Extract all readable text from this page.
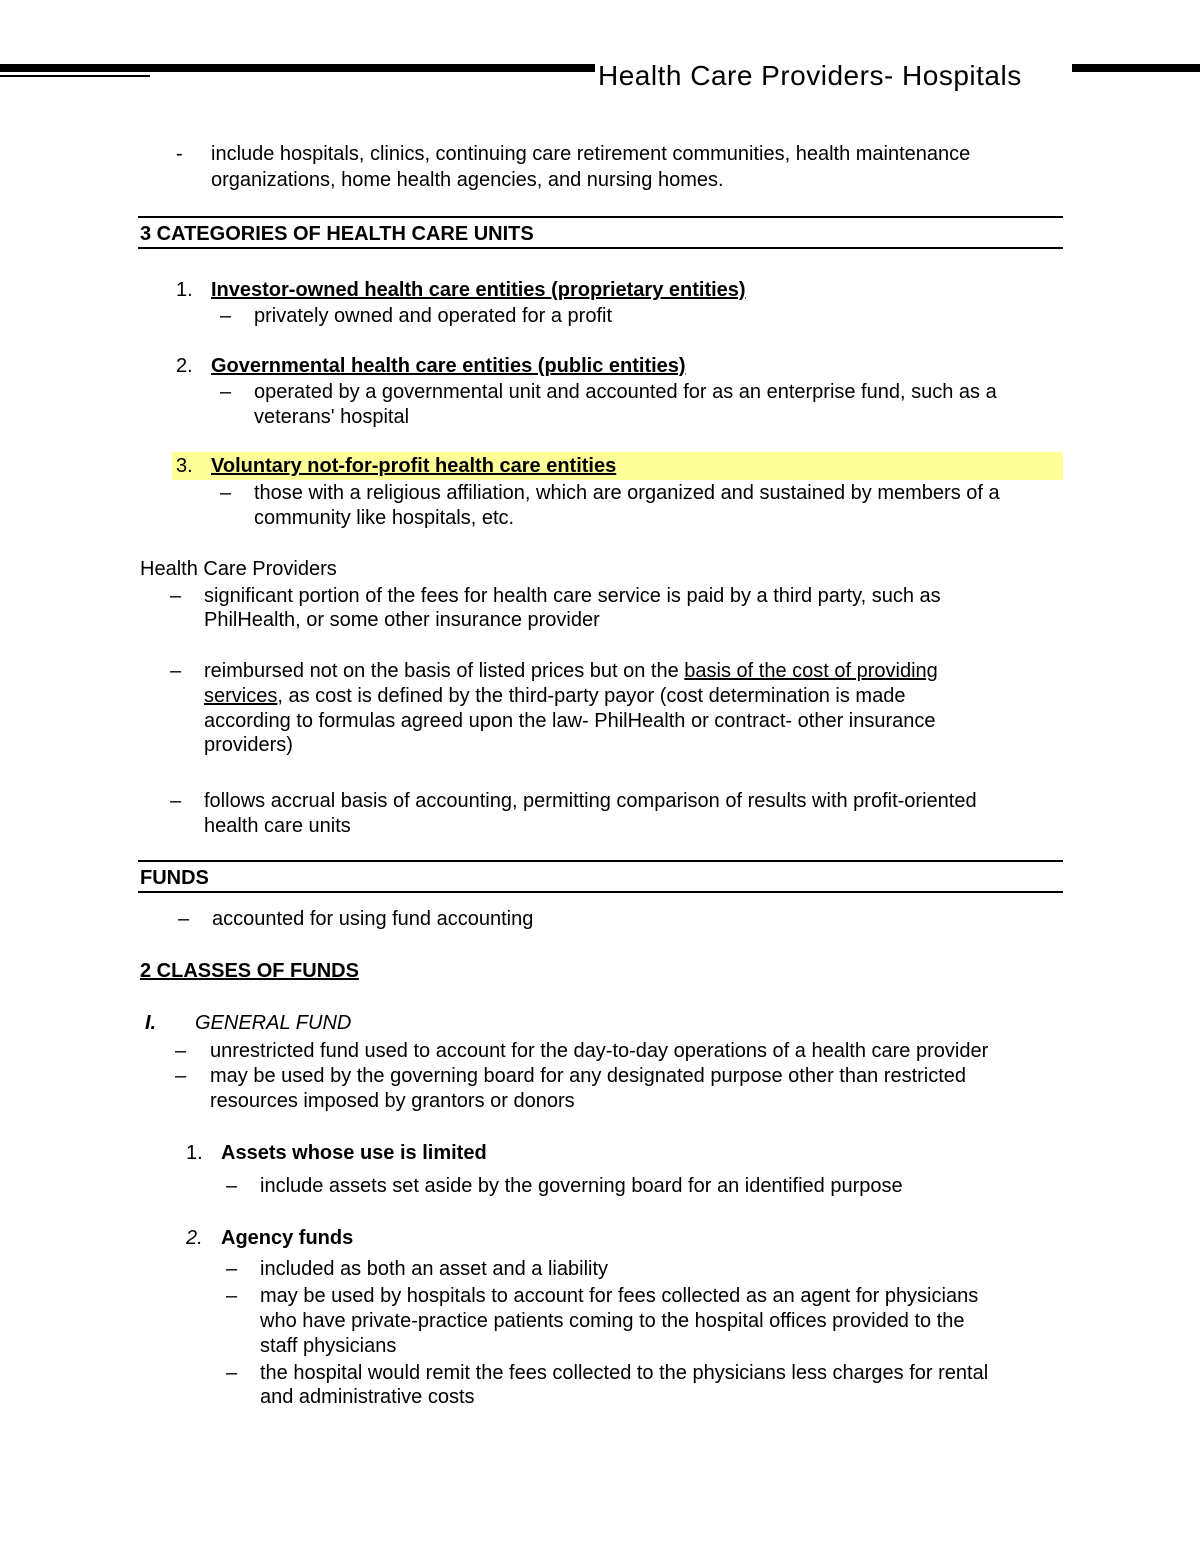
Health Care Providers- Hospitals
- include hospitals, clinics, continuing care retirement communities, health maintenance
organizations, home health agencies, and nursing homes.
3 CATEGORIES OF HEALTH CARE UNITS
1. Investor-owned health care entities (proprietary entities)
– privately owned and operated for a profit
2. Governmental health care entities (public entities)
– operated by a governmental unit and accounted for as an enterprise fund, such as a
veterans' hospital
3. Voluntary not-for-profit health care entities
– those with a religious affiliation, which are organized and sustained by members of a
community like hospitals, etc.
Health Care Providers
– significant portion of the fees for health care service is paid by a third party, such as
PhilHealth, or some other insurance provider
– reimbursed not on the basis of listed prices but on the basis of the cost of providing
services, as cost is defined by the third-party payor (cost determination is made
according to formulas agreed upon the law- PhilHealth or contract- other insurance
providers)
– follows accrual basis of accounting, permitting comparison of results with profit-oriented
health care units
FUNDS
– accounted for using fund accounting
2 CLASSES OF FUNDS
I. GENERAL FUND
– unrestricted fund used to account for the day-to-day operations of a health care provider
– may be used by the governing board for any designated purpose other than restricted
resources imposed by grantors or donors
1. Assets whose use is limited
– include assets set aside by the governing board for an identified purpose
2. Agency funds
– included as both an asset and a liability
– may be used by hospitals to account for fees collected as an agent for physicians
who have private-practice patients coming to the hospital offices provided to the
staff physicians
– the hospital would remit the fees collected to the physicians less charges for rental
and administrative costs
